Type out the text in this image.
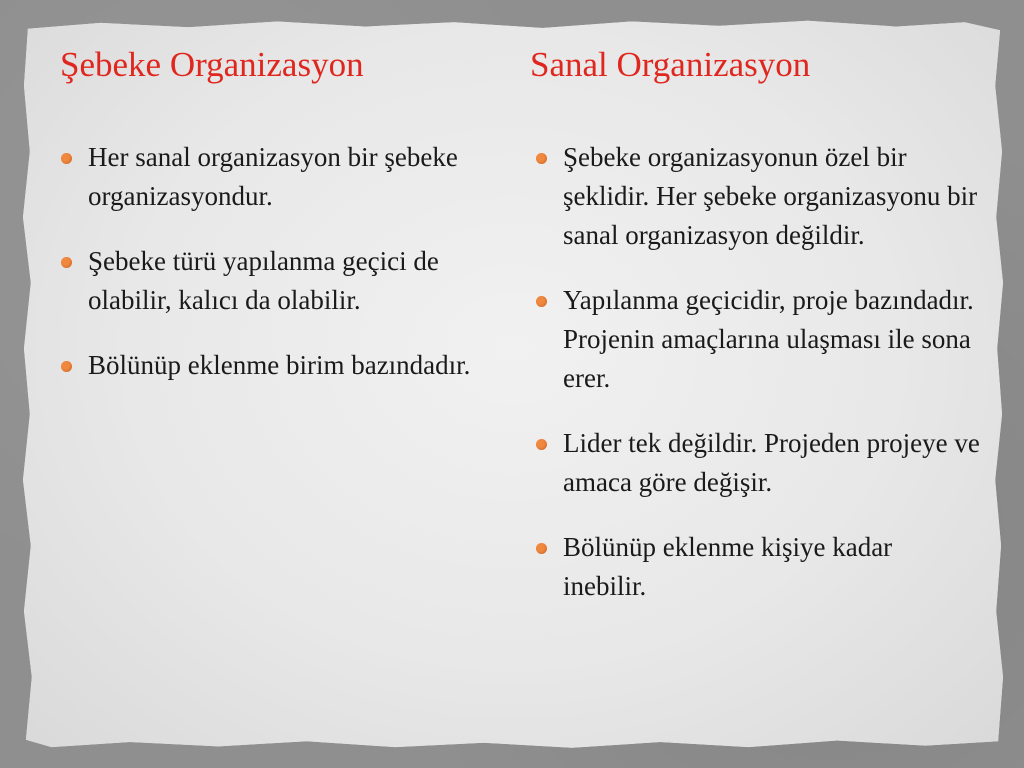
Şebeke Organizasyon	Sanal Organizasyon
Her sanal organizasyon bir şebeke organizasyondur.
Şebeke türü yapılanma geçici de olabilir, kalıcı da olabilir.
Bölünüp eklenme birim bazındadır.
Şebeke organizasyonun özel bir şeklidir. Her şebeke organizasyonu bir sanal organizasyon değildir.
Yapılanma geçicidir, proje bazındadır. Projenin amaçlarına ulaşması ile sona erer.
Lider tek değildir. Projeden projeye ve amaca göre değişir.
Bölünüp eklenme kişiye kadar inebilir.
